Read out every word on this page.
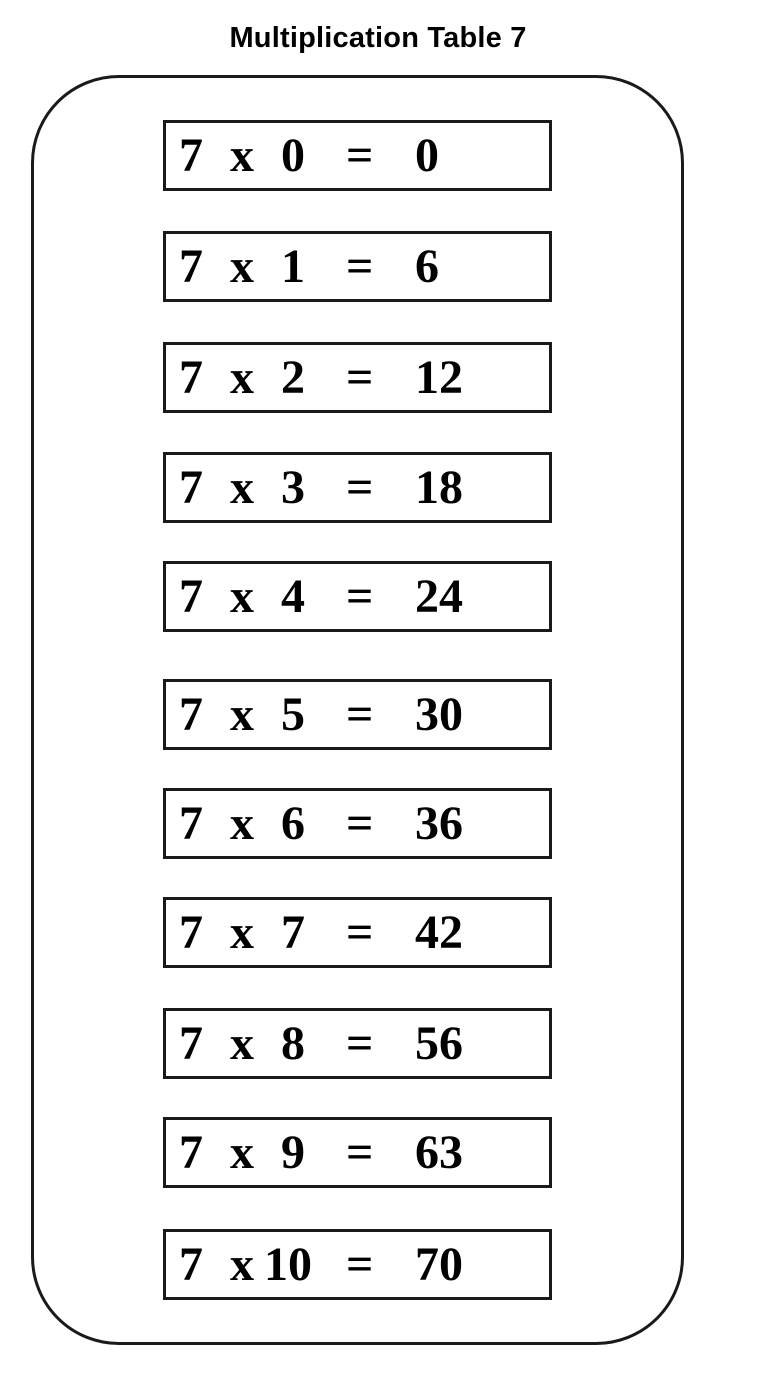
Multiplication Table 7
7 x 0 = 0
7 x 1 = 6
7 x 2 = 12
7 x 3 = 18
7 x 4 = 24
7 x 5 = 30
7 x 6 = 36
7 x 7 = 42
7 x 8 = 56
7 x 9 = 63
7 x 10 = 70
